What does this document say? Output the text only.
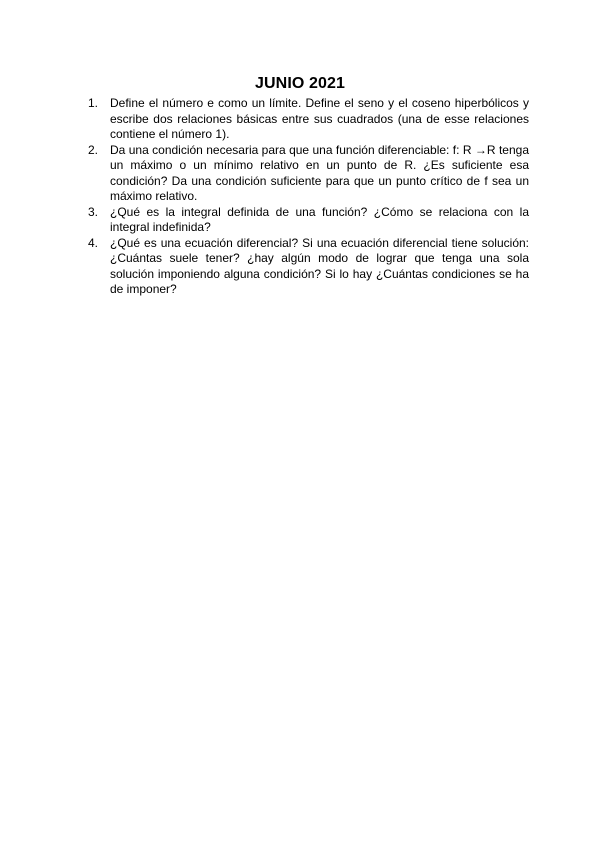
JUNIO 2021
1. Define el número e como un límite. Define el seno y el coseno hiperbólicos y escribe dos relaciones básicas entre sus cuadrados (una de esse relaciones contiene el número 1).
2. Da una condición necesaria para que una función diferenciable: f: R →R tenga un máximo o un mínimo relativo en un punto de R. ¿Es suficiente esa condición? Da una condición suficiente para que un punto crítico de f sea un máximo relativo.
3. ¿Qué es la integral definida de una función? ¿Cómo se relaciona con la integral indefinida?
4. ¿Qué es una ecuación diferencial? Si una ecuación diferencial tiene solución: ¿Cuántas suele tener? ¿hay algún modo de lograr que tenga una sola solución imponiendo alguna condición? Si lo hay ¿Cuántas condiciones se ha de imponer?
